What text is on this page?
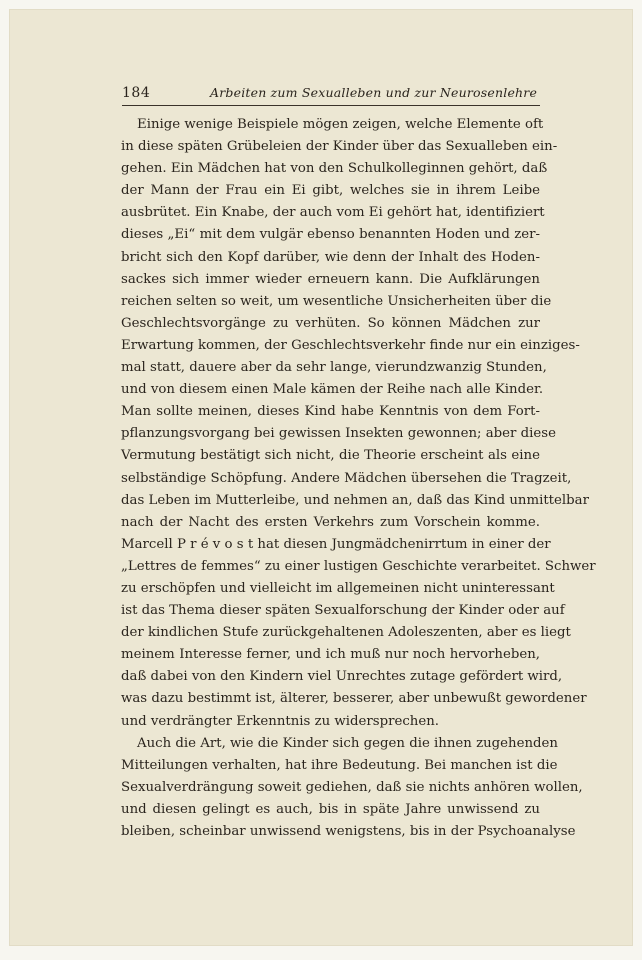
184	Arbeiten zum Sexualleben und zur Neurosenlehre
Einige wenige Beispiele mögen zeigen, welche Elemente oft
in diese späten Grübeleien der Kinder über das Sexualleben ein-
gehen. Ein Mädchen hat von den Schulkolleginnen gehört, daß
der Mann der Frau ein Ei gibt, welches sie in ihrem Leibe
ausbrütet. Ein Knabe, der auch vom Ei gehört hat, identifiziert
dieses „Ei“ mit dem vulgär ebenso benannten Hoden und zer-
bricht sich den Kopf darüber, wie denn der Inhalt des Hoden-
sackes sich immer wieder erneuern kann. Die Aufklärungen
reichen selten so weit, um wesentliche Unsicherheiten über die
Geschlechtsvorgänge zu verhüten. So können Mädchen zur
Erwartung kommen, der Geschlechtsverkehr finde nur ein einziges-
mal statt, dauere aber da sehr lange, vierundzwanzig Stunden,
und von diesem einen Male kämen der Reihe nach alle Kinder.
Man sollte meinen, dieses Kind habe Kenntnis von dem Fort-
pflanzungsvorgang bei gewissen Insekten gewonnen; aber diese
Vermutung bestätigt sich nicht, die Theorie erscheint als eine
selbständige Schöpfung. Andere Mädchen übersehen die Tragzeit,
das Leben im Mutterleibe, und nehmen an, daß das Kind unmittelbar
nach der Nacht des ersten Verkehrs zum Vorschein komme.
Marcell P r é v o s t hat diesen Jungmädchenirrtum in einer der
„Lettres de femmes“ zu einer lustigen Geschichte verarbeitet. Schwer
zu erschöpfen und vielleicht im allgemeinen nicht uninteressant
ist das Thema dieser späten Sexualforschung der Kinder oder auf
der kindlichen Stufe zurückgehaltenen Adoleszenten, aber es liegt
meinem Interesse ferner, und ich muß nur noch hervorheben,
daß dabei von den Kindern viel Unrechtes zutage gefördert wird,
was dazu bestimmt ist, älterer, besserer, aber unbewußt gewordener
und verdrängter Erkenntnis zu widersprechen.
Auch die Art, wie die Kinder sich gegen die ihnen zugehenden
Mitteilungen verhalten, hat ihre Bedeutung. Bei manchen ist die
Sexualverdrängung soweit gediehen, daß sie nichts anhören wollen,
und diesen gelingt es auch, bis in späte Jahre unwissend zu
bleiben, scheinbar unwissend wenigstens, bis in der Psychoanalyse
